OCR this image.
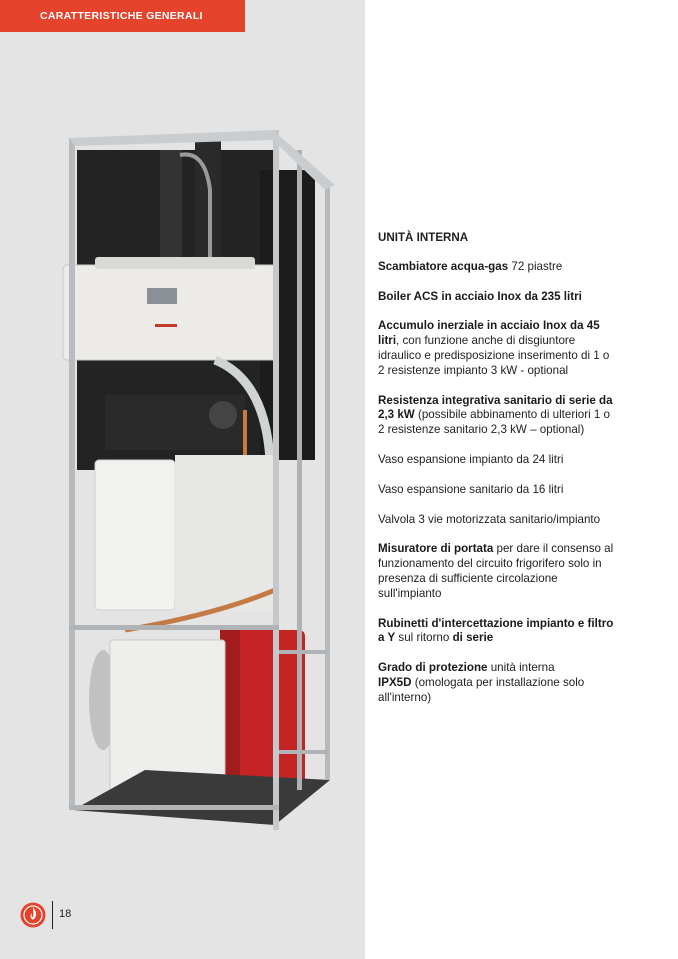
CARATTERISTICHE GENERALI

UNITÀ INTERNA

Scambiatore acqua-gas 72 piastre

Boiler ACS in acciaio Inox da 235 litri

Accumulo inerziale in acciaio Inox da 45 litri, con funzione anche di disgiuntore idraulico e predisposizione inserimento di 1 o 2 resistenze impianto 3 kW - optional

Resistenza integrativa sanitario di serie da 2,3 kW (possibile abbinamento di ulteriori 1 o 2 resistenze sanitario 2,3 kW – optional)

Vaso espansione impianto da 24 litri

Vaso espansione sanitario da 16 litri

Valvola 3 vie motorizzata sanitario/impianto

Misuratore di portata per dare il consenso al funzionamento del circuito frigorifero solo in presenza di sufficiente circolazione sull'impianto

Rubinetti d'intercettazione impianto e filtro a Y sul ritorno di serie

Grado di protezione unità interna
IPX5D (omologata per installazione solo all'interno)

18
